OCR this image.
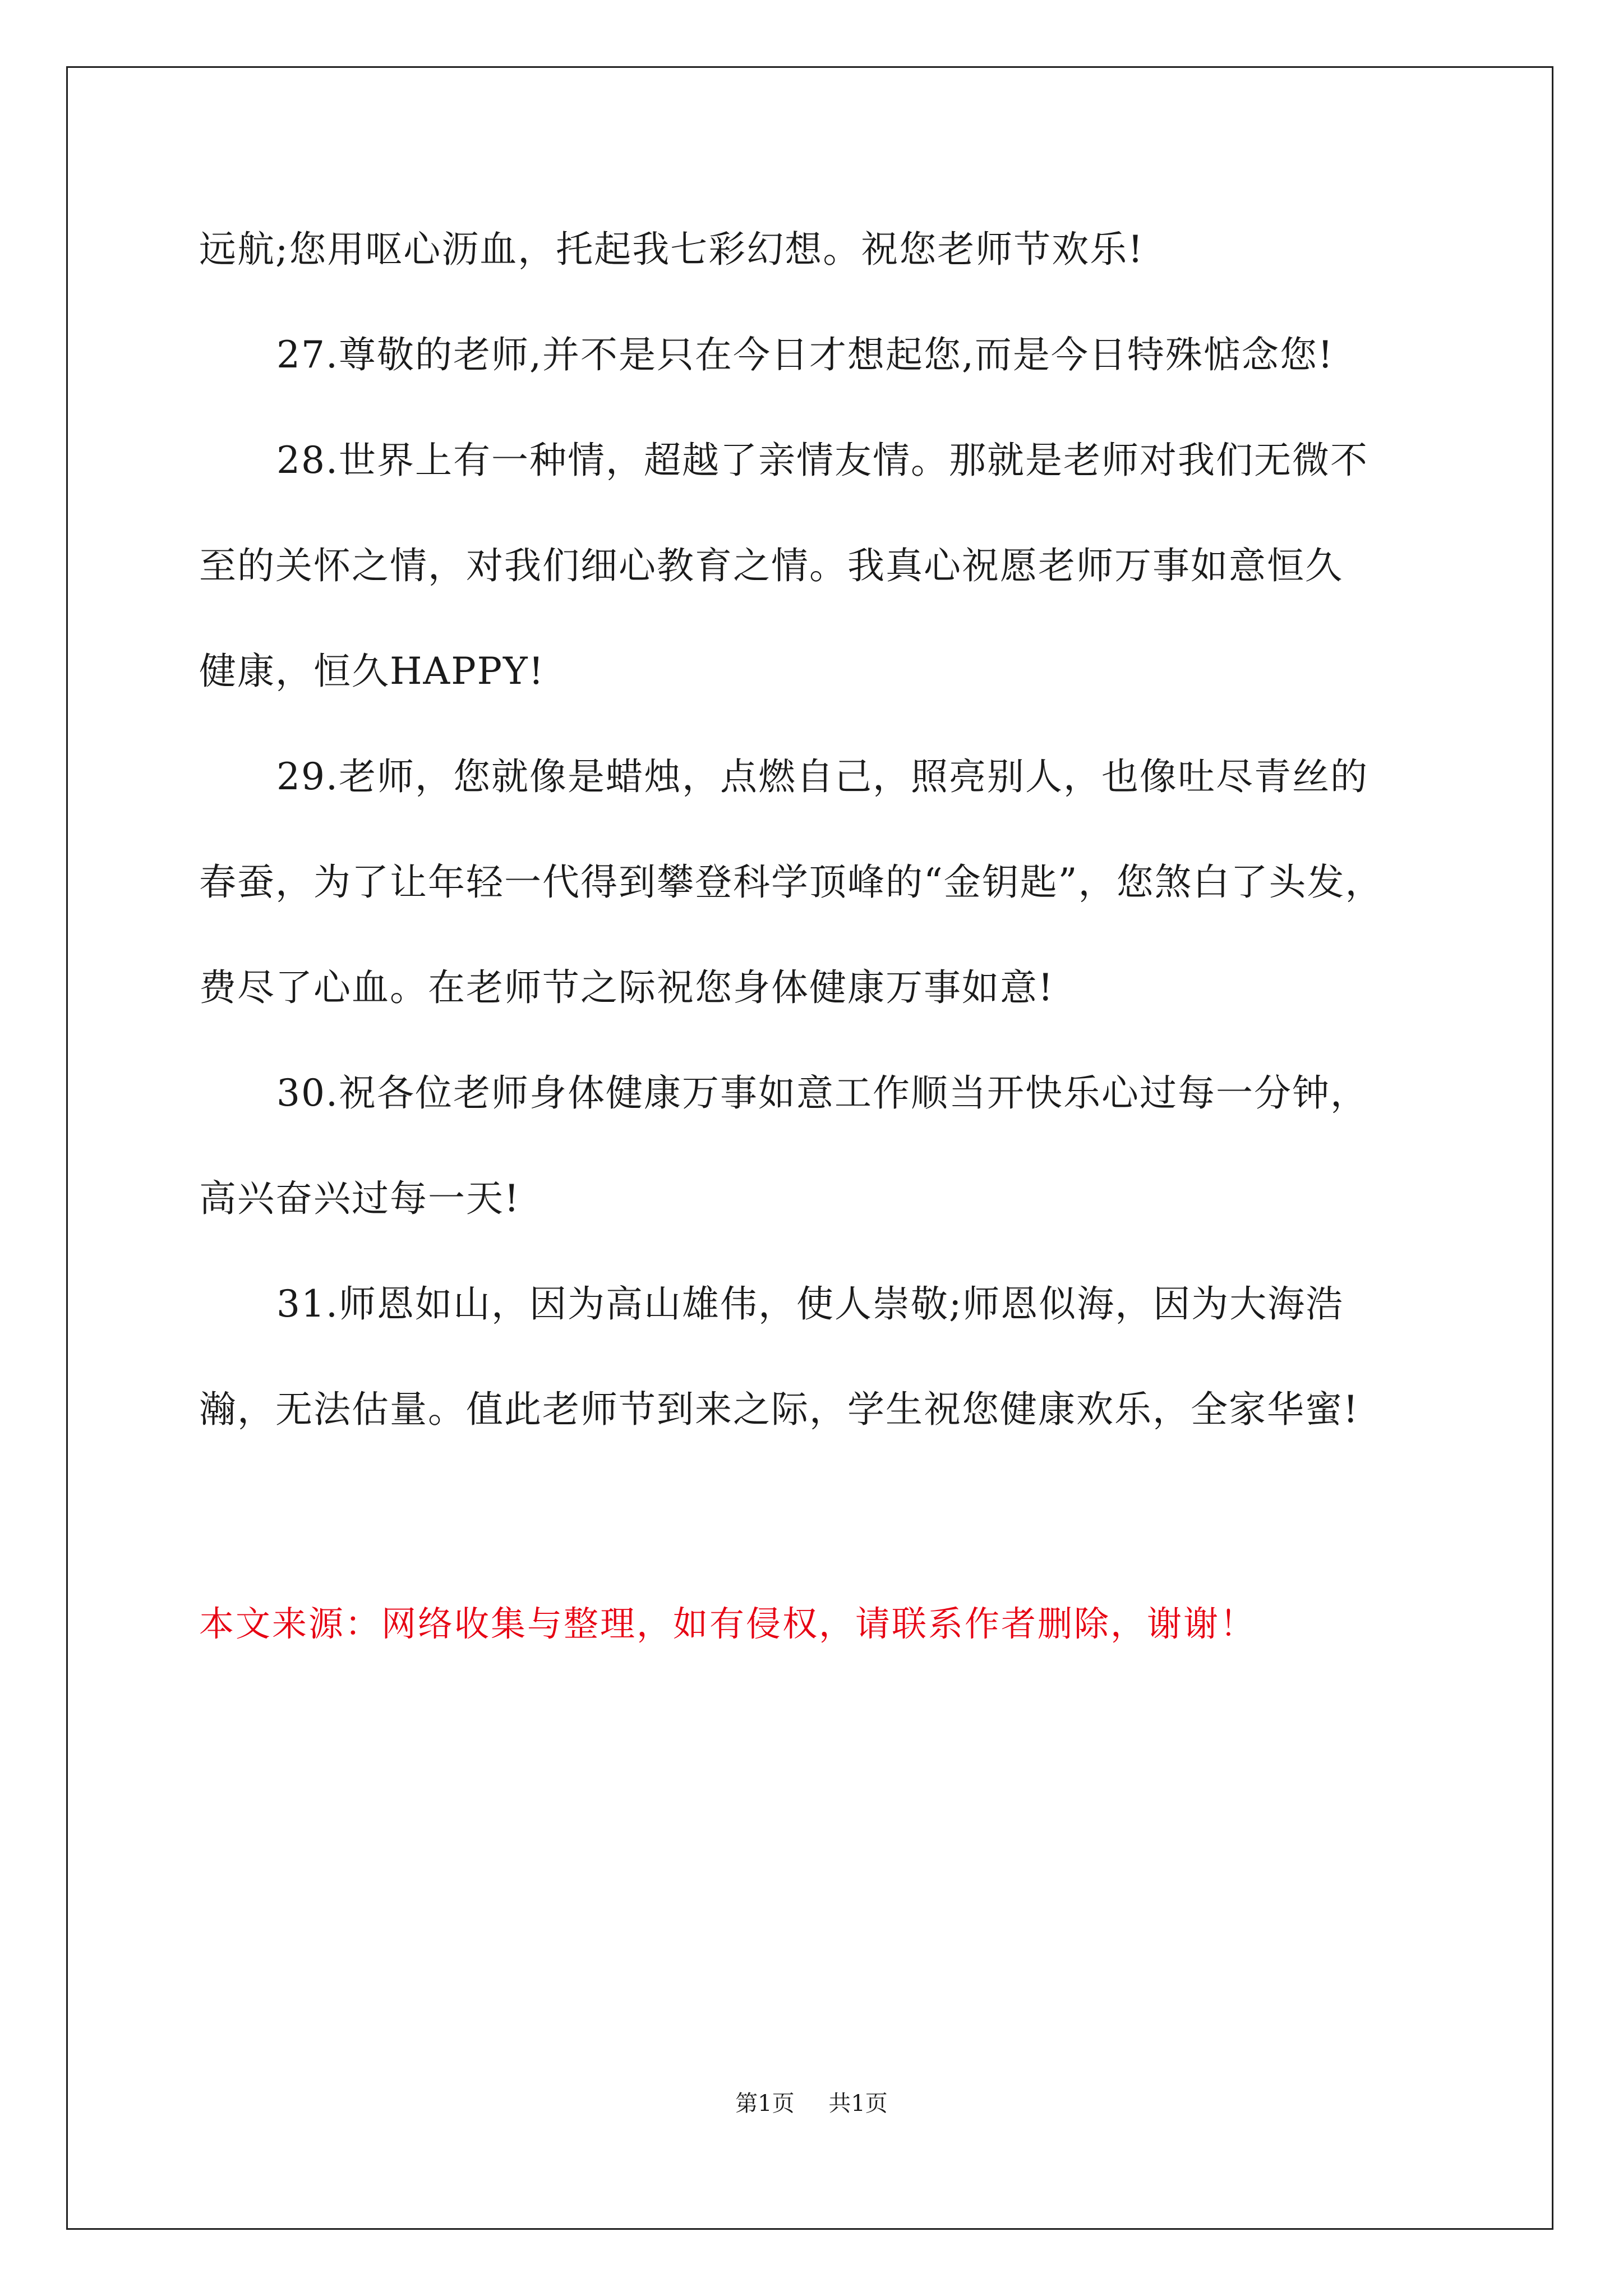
远航;您用呕心沥血，托起我七彩幻想。祝您老师节欢乐!
27.尊敬的老师,并不是只在今日才想起您,而是今日特殊惦念您!
28.世界上有一种情，超越了亲情友情。那就是老师对我们无微不
至的关怀之情，对我们细心教育之情。我真心祝愿老师万事如意恒久
健康，恒久HAPPY!
29.老师，您就像是蜡烛，点燃自己，照亮别人，也像吐尽青丝的
春蚕，为了让年轻一代得到攀登科学顶峰的“金钥匙”，您煞白了头发，
费尽了心血。在老师节之际祝您身体健康万事如意!
30.祝各位老师身体健康万事如意工作顺当开快乐心过每一分钟，
高兴奋兴过每一天!
31.师恩如山，因为高山雄伟，使人崇敬;师恩似海，因为大海浩
瀚，无法估量。值此老师节到来之际，学生祝您健康欢乐，全家华蜜!
本文来源：网络收集与整理，如有侵权，请联系作者删除，谢谢！
第1页 共1页
